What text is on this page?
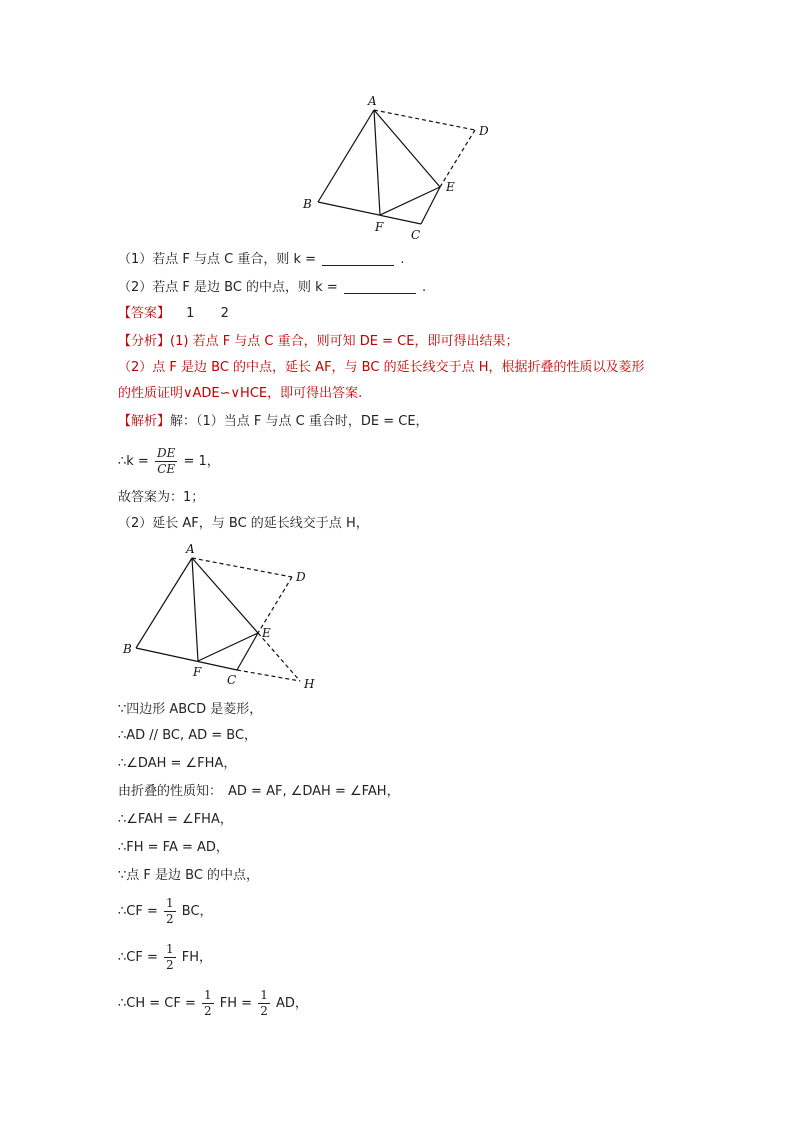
A
B
C
D
E
F
（1）若点 F 与点 C 重合，则 k =	.
（2）若点 F 是边 BC 的中点，则 k =	.
【答案】 1 2
【分析】(1) 若点 F 与点 C 重合，则可知 DE = CE，即可得出结果；
（2）点 F 是边 BC 的中点，延长 AF，与 BC 的延长线交于点 H，根据折叠的性质以及菱形
的性质证明∨ADE∽∨HCE，即可得出答案.
【解析】解：（1）当点 F 与点 C 重合时，DE = CE，
∴k = $\frac{DE}{CE} = 1$，
故答案为：1；
（2）延长 AF，与 BC 的延长线交于点 H，
A
B
C
D
E
F
H
∵四边形 ABCD 是菱形，
∴AD // BC, AD = BC，
∴∠DAH = ∠FHA，
由折叠的性质知： AD = AF, ∠DAH = ∠FAH，
∴∠FAH = ∠FHA，
∴FH = FA = AD，
∵点 F 是边 BC 的中点，
∴CF = $\frac{1}{2}$ BC，
∴CF = $\frac{1}{2}$ FH，
∴CH = CF = $\frac{1}{2}$ FH = $\frac{1}{2}$ AD，
